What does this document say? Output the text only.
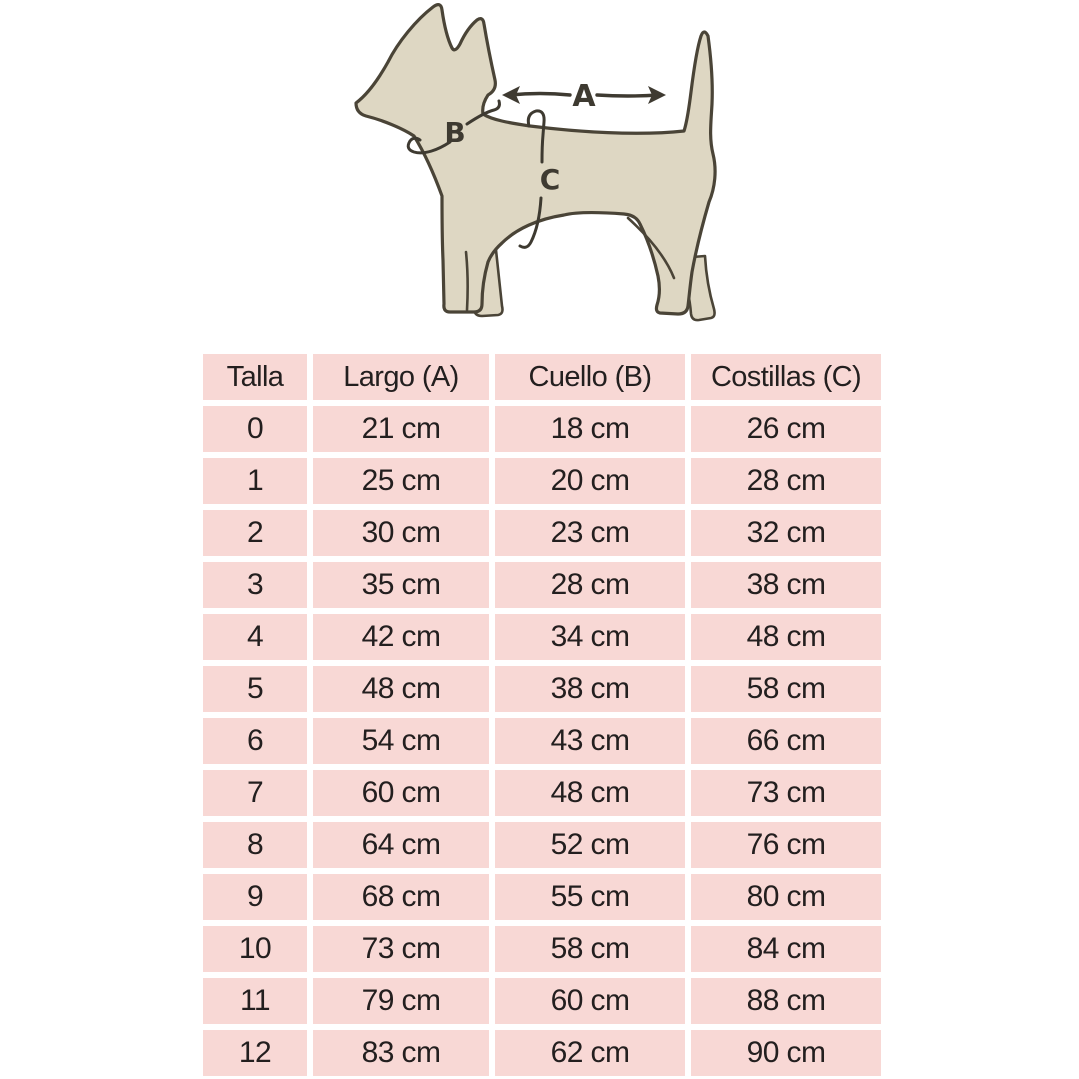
A
B
C
Talla	Largo (A)	Cuello (B)	Costillas (C)
0	21 cm	18 cm	26 cm
1	25 cm	20 cm	28 cm
2	30 cm	23 cm	32 cm
3	35 cm	28 cm	38 cm
4	42 cm	34 cm	48 cm
5	48 cm	38 cm	58 cm
6	54 cm	43 cm	66 cm
7	60 cm	48 cm	73 cm
8	64 cm	52 cm	76 cm
9	68 cm	55 cm	80 cm
10	73 cm	58 cm	84 cm
11	79 cm	60 cm	88 cm
12	83 cm	62 cm	90 cm
